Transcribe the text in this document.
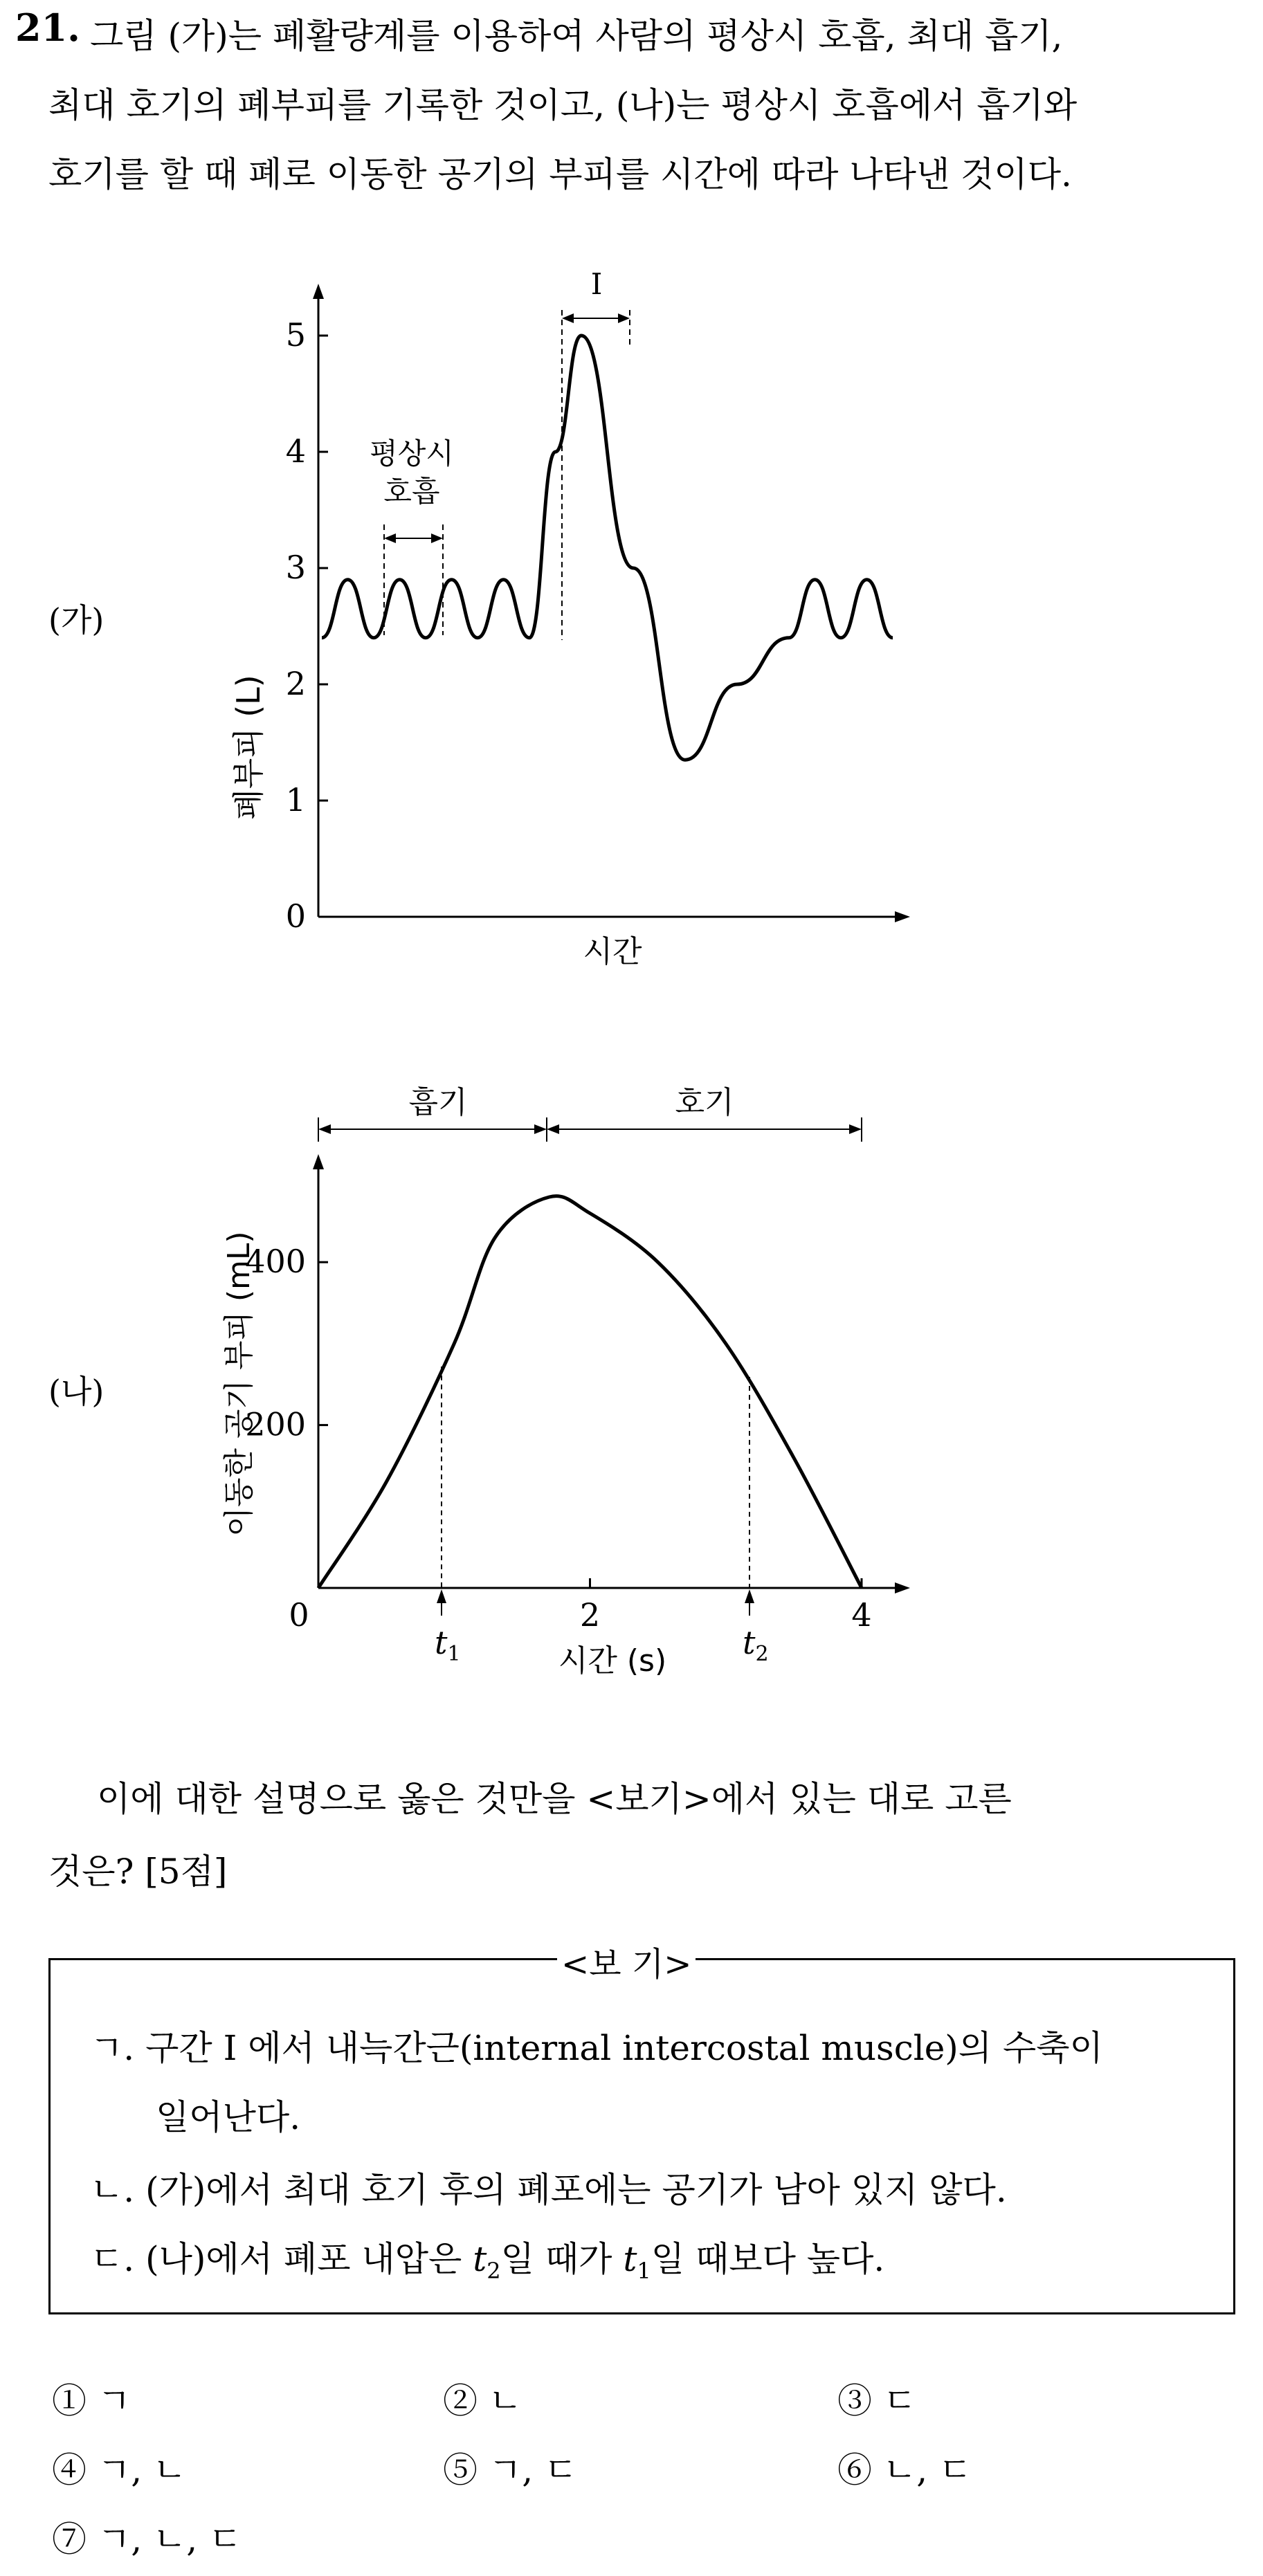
21. 그림 (가)는 폐활량계를 이용하여 사람의 평상시 호흡, 최대 흡기,
최대 호기의 폐부피를 기록한 것이고, (나)는 평상시 호흡에서 흡기와
호기를 할 때 폐로 이동한 공기의 부피를 시간에 따라 나타낸 것이다.
(가)
0
1
2
3
4
5
폐부피 (L)
시간
평상시
호흡
I
(나)
흡기	호기
200
400
0	2	4
이동한 공기 부피 (mL)
시간 (s)
$t_1$	$t_2$
이에 대한 설명으로 옳은 것만을 <보기>에서 있는 대로 고른
것은? [5점]
<보 기>
ㄱ. 구간 I 에서 내늑간근(internal intercostal muscle)의 수축이
일어난다.
ㄴ. (가)에서 최대 호기 후의 폐포에는 공기가 남아 있지 않다.
ㄷ. (나)에서 폐포 내압은 $t_2$일 때가 $t_1$일 때보다 높다.
① ㄱ	② ㄴ	③ ㄷ
④ ㄱ, ㄴ	⑤ ㄱ, ㄷ	⑥ ㄴ, ㄷ
⑦ ㄱ, ㄴ, ㄷ
